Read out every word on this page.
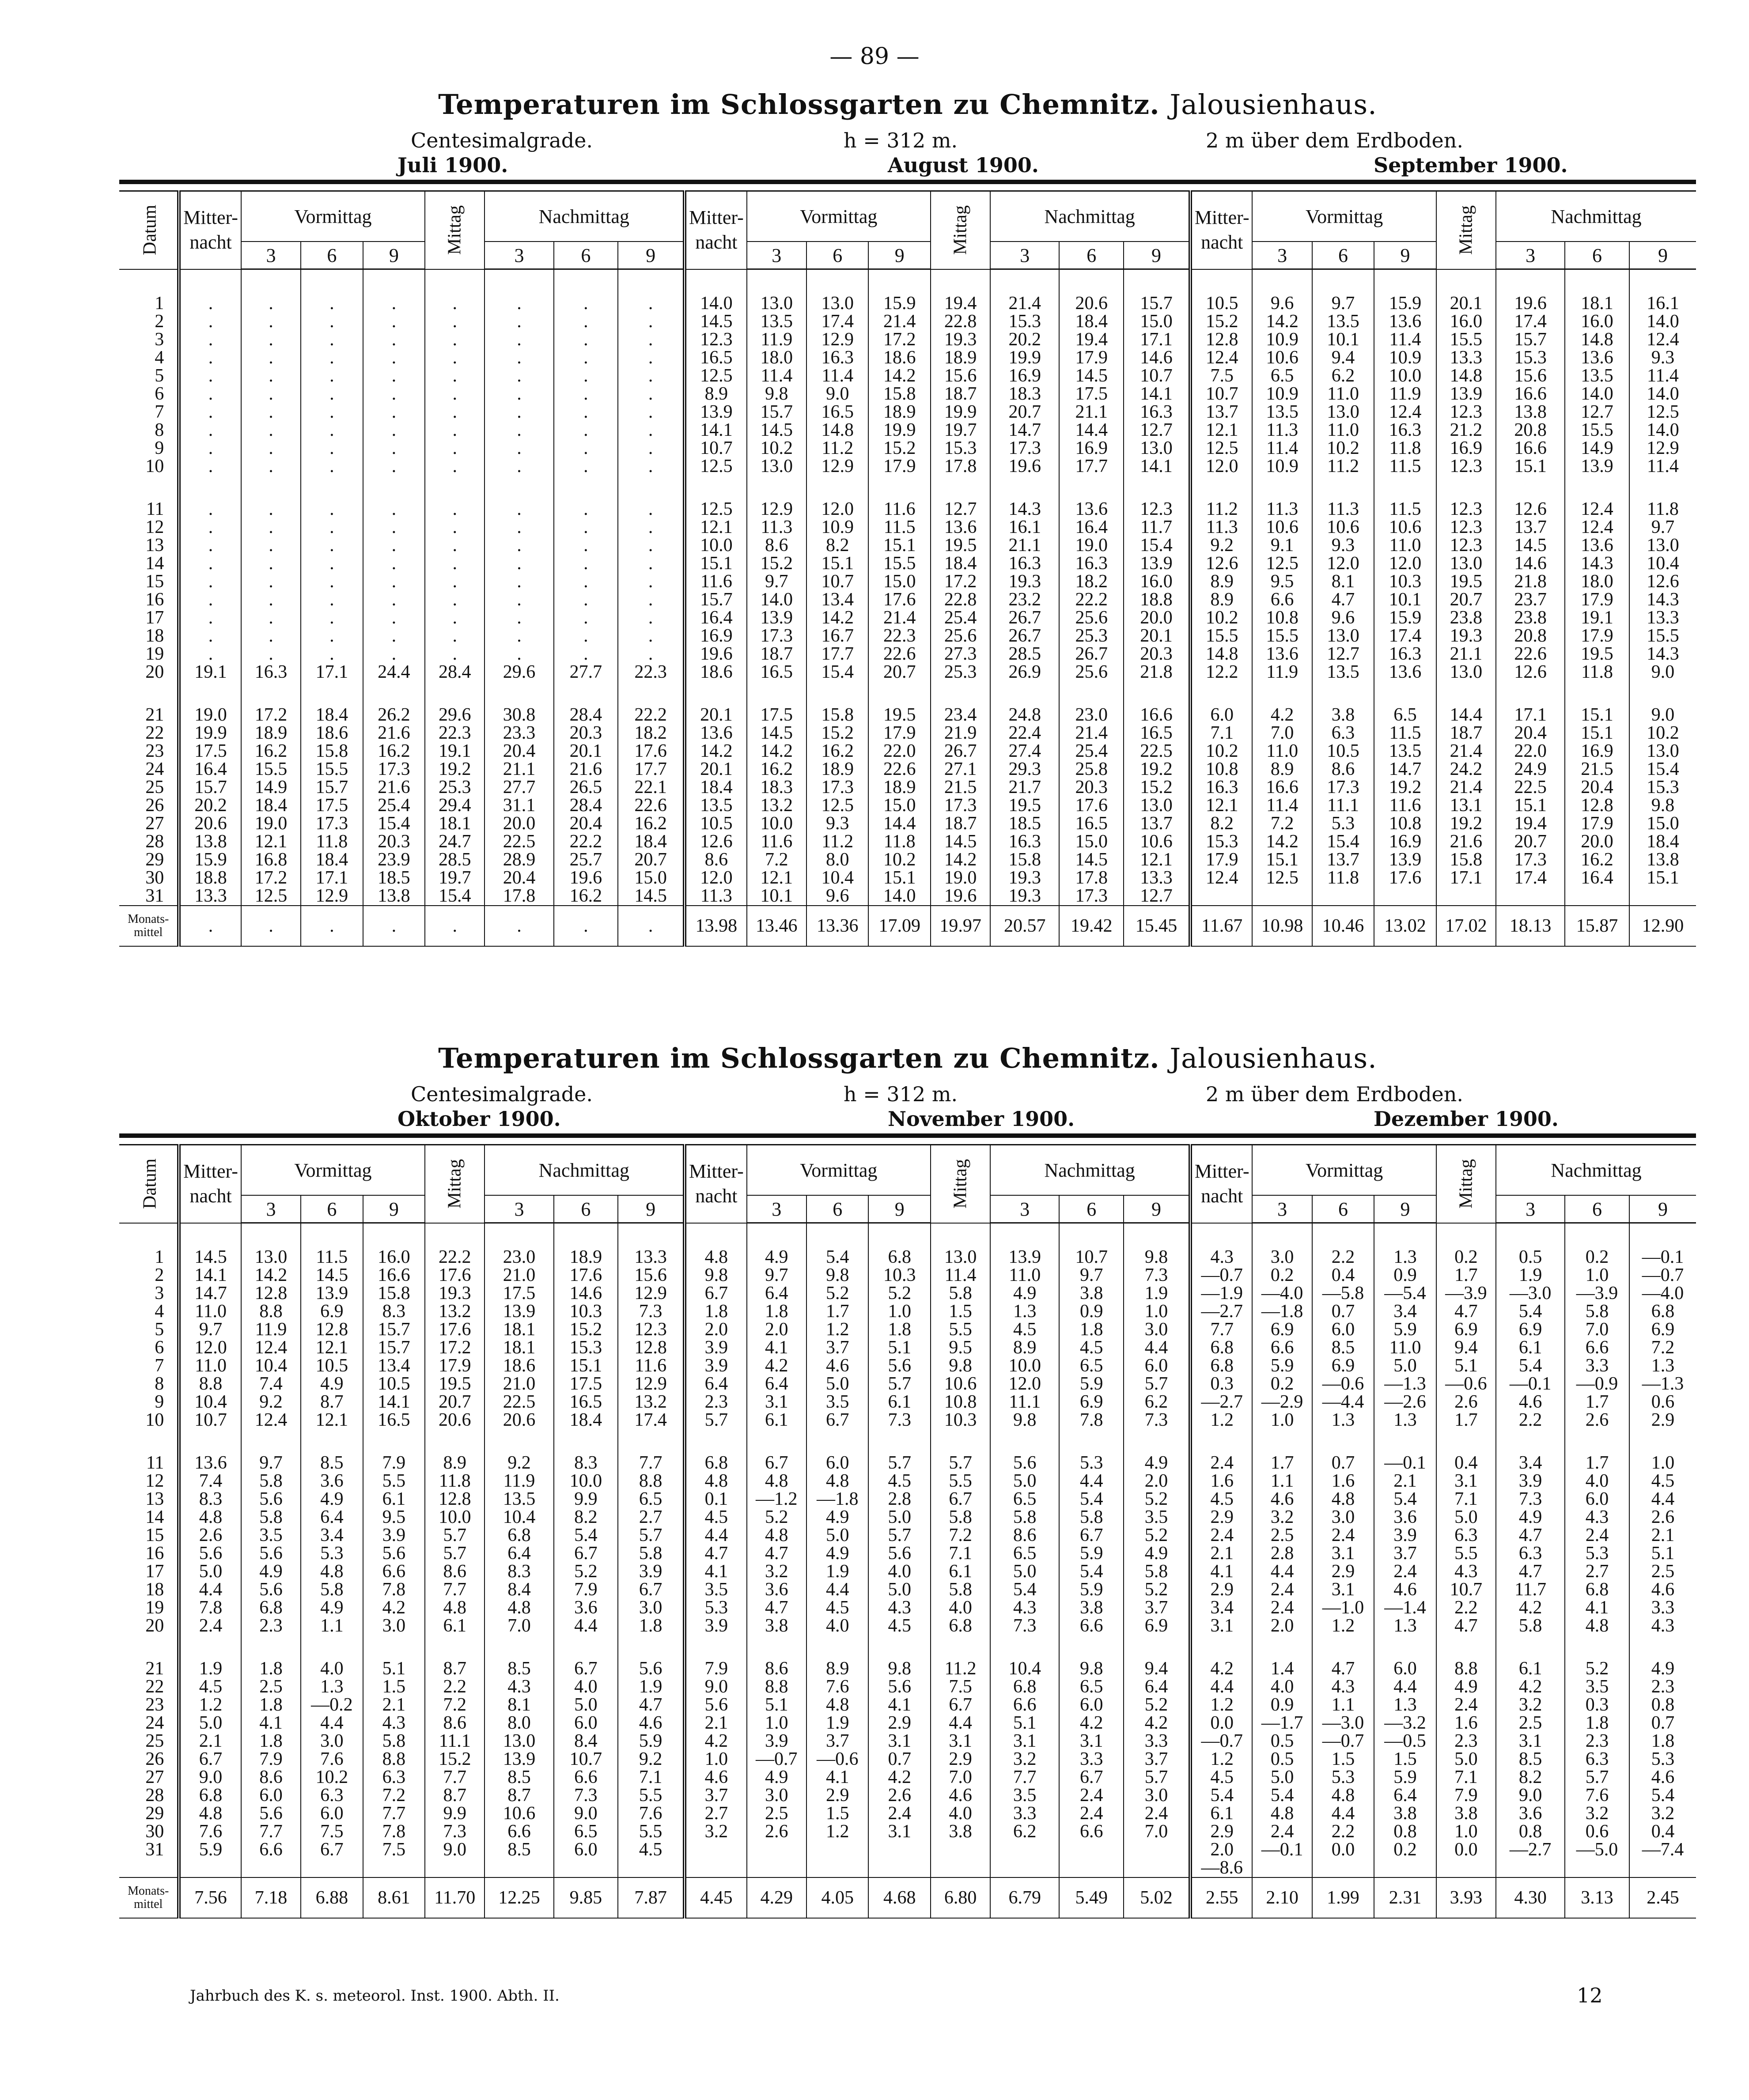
— 89 —
Temperaturen im Schlossgarten zu Chemnitz. Jalousienhaus.
Centesimalgrade.	h = 312 m.	2 m über dem Erdboden.
Juli 1900.	August 1900.	September 1900.
Datum	Mitter-nacht	Vormittag			Mittag	Nachmittag			Mitter-nacht	Vormittag			Mittag	Nachmittag			Mitter-nacht	Vormittag			Mittag	Nachmittag		
		3	6	9		3	6	9		3	6	9		3	6	9		3	6	9		3	6	9

1	.	.	.	.	.	.	.	.	14.0	13.0	13.0	15.9	19.4	21.4	20.6	15.7	10.5	9.6	9.7	15.9	20.1	19.6	18.1	16.1
2	.	.	.	.	.	.	.	.	14.5	13.5	17.4	21.4	22.8	15.3	18.4	15.0	15.2	14.2	13.5	13.6	16.0	17.4	16.0	14.0
3	.	.	.	.	.	.	.	.	12.3	11.9	12.9	17.2	19.3	20.2	19.4	17.1	12.8	10.9	10.1	11.4	15.5	15.7	14.8	12.4
4	.	.	.	.	.	.	.	.	16.5	18.0	16.3	18.6	18.9	19.9	17.9	14.6	12.4	10.6	9.4	10.9	13.3	15.3	13.6	9.3
5	.	.	.	.	.	.	.	.	12.5	11.4	11.4	14.2	15.6	16.9	14.5	10.7	7.5	6.5	6.2	10.0	14.8	15.6	13.5	11.4
6	.	.	.	.	.	.	.	.	8.9	9.8	9.0	15.8	18.7	18.3	17.5	14.1	10.7	10.9	11.0	11.9	13.9	16.6	14.0	14.0
7	.	.	.	.	.	.	.	.	13.9	15.7	16.5	18.9	19.9	20.7	21.1	16.3	13.7	13.5	13.0	12.4	12.3	13.8	12.7	12.5
8	.	.	.	.	.	.	.	.	14.1	14.5	14.8	19.9	19.7	14.7	14.4	12.7	12.1	11.3	11.0	16.3	21.2	20.8	15.5	14.0
9	.	.	.	.	.	.	.	.	10.7	10.2	11.2	15.2	15.3	17.3	16.9	13.0	12.5	11.4	10.2	11.8	16.9	16.6	14.9	12.9
10	.	.	.	.	.	.	.	.	12.5	13.0	12.9	17.9	17.8	19.6	17.7	14.1	12.0	10.9	11.2	11.5	12.3	15.1	13.9	11.4

11	.	.	.	.	.	.	.	.	12.5	12.9	12.0	11.6	12.7	14.3	13.6	12.3	11.2	11.3	11.3	11.5	12.3	12.6	12.4	11.8
12	.	.	.	.	.	.	.	.	12.1	11.3	10.9	11.5	13.6	16.1	16.4	11.7	11.3	10.6	10.6	10.6	12.3	13.7	12.4	9.7
13	.	.	.	.	.	.	.	.	10.0	8.6	8.2	15.1	19.5	21.1	19.0	15.4	9.2	9.1	9.3	11.0	12.3	14.5	13.6	13.0
14	.	.	.	.	.	.	.	.	15.1	15.2	15.1	15.5	18.4	16.3	16.3	13.9	12.6	12.5	12.0	12.0	13.0	14.6	14.3	10.4
15	.	.	.	.	.	.	.	.	11.6	9.7	10.7	15.0	17.2	19.3	18.2	16.0	8.9	9.5	8.1	10.3	19.5	21.8	18.0	12.6
16	.	.	.	.	.	.	.	.	15.7	14.0	13.4	17.6	22.8	23.2	22.2	18.8	8.9	6.6	4.7	10.1	20.7	23.7	17.9	14.3
17	.	.	.	.	.	.	.	.	16.4	13.9	14.2	21.4	25.4	26.7	25.6	20.0	10.2	10.8	9.6	15.9	23.8	23.8	19.1	13.3
18	.	.	.	.	.	.	.	.	16.9	17.3	16.7	22.3	25.6	26.7	25.3	20.1	15.5	15.5	13.0	17.4	19.3	20.8	17.9	15.5
19	.	.	.	.	.	.	.	.	19.6	18.7	17.7	22.6	27.3	28.5	26.7	20.3	14.8	13.6	12.7	16.3	21.1	22.6	19.5	14.3
20	19.1	16.3	17.1	24.4	28.4	29.6	27.7	22.3	18.6	16.5	15.4	20.7	25.3	26.9	25.6	21.8	12.2	11.9	13.5	13.6	13.0	12.6	11.8	9.0

21	19.0	17.2	18.4	26.2	29.6	30.8	28.4	22.2	20.1	17.5	15.8	19.5	23.4	24.8	23.0	16.6	6.0	4.2	3.8	6.5	14.4	17.1	15.1	9.0
22	19.9	18.9	18.6	21.6	22.3	23.3	20.3	18.2	13.6	14.5	15.2	17.9	21.9	22.4	21.4	16.5	7.1	7.0	6.3	11.5	18.7	20.4	15.1	10.2
23	17.5	16.2	15.8	16.2	19.1	20.4	20.1	17.6	14.2	14.2	16.2	22.0	26.7	27.4	25.4	22.5	10.2	11.0	10.5	13.5	21.4	22.0	16.9	13.0
24	16.4	15.5	15.5	17.3	19.2	21.1	21.6	17.7	20.1	16.2	18.9	22.6	27.1	29.3	25.8	19.2	10.8	8.9	8.6	14.7	24.2	24.9	21.5	15.4
25	15.7	14.9	15.7	21.6	25.3	27.7	26.5	22.1	18.4	18.3	17.3	18.9	21.5	21.7	20.3	15.2	16.3	16.6	17.3	19.2	21.4	22.5	20.4	15.3
26	20.2	18.4	17.5	25.4	29.4	31.1	28.4	22.6	13.5	13.2	12.5	15.0	17.3	19.5	17.6	13.0	12.1	11.4	11.1	11.6	13.1	15.1	12.8	9.8
27	20.6	19.0	17.3	15.4	18.1	20.0	20.4	16.2	10.5	10.0	9.3	14.4	18.7	18.5	16.5	13.7	8.2	7.2	5.3	10.8	19.2	19.4	17.9	15.0
28	13.8	12.1	11.8	20.3	24.7	22.5	22.2	18.4	12.6	11.6	11.2	11.8	14.5	16.3	15.0	10.6	15.3	14.2	15.4	16.9	21.6	20.7	20.0	18.4
29	15.9	16.8	18.4	23.9	28.5	28.9	25.7	20.7	8.6	7.2	8.0	10.2	14.2	15.8	14.5	12.1	17.9	15.1	13.7	13.9	15.8	17.3	16.2	13.8
30	18.8	17.2	17.1	18.5	19.7	20.4	19.6	15.0	12.0	12.1	10.4	15.1	19.0	19.3	17.8	13.3	12.4	12.5	11.8	17.6	17.1	17.4	16.4	15.1
31	13.3	12.5	12.9	13.8	15.4	17.8	16.2	14.5	11.3	10.1	9.6	14.0	19.6	19.3	17.3	12.7								
Monats-mittel	.	.	.	.	.	.	.	.	13.98	13.46	13.36	17.09	19.97	20.57	19.42	15.45	11.67	10.98	10.46	13.02	17.02	18.13	15.87	12.90
Temperaturen im Schlossgarten zu Chemnitz. Jalousienhaus.
Centesimalgrade.	h = 312 m.	2 m über dem Erdboden.
Oktober 1900.	November 1900.	Dezember 1900.
Datum	Mitter-nacht	Vormittag			Mittag	Nachmittag			Mitter-nacht	Vormittag			Mittag	Nachmittag			Mitter-nacht	Vormittag			Mittag	Nachmittag		
		3	6	9		3	6	9		3	6	9		3	6	9		3	6	9		3	6	9

1	14.5	13.0	11.5	16.0	22.2	23.0	18.9	13.3	4.8	4.9	5.4	6.8	13.0	13.9	10.7	9.8	4.3	3.0	2.2	1.3	0.2	0.5	0.2	—0.1
2	14.1	14.2	14.5	16.6	17.6	21.0	17.6	15.6	9.8	9.7	9.8	10.3	11.4	11.0	9.7	7.3	—0.7	0.2	0.4	0.9	1.7	1.9	1.0	—0.7
3	14.7	12.8	13.9	15.8	19.3	17.5	14.6	12.9	6.7	6.4	5.2	5.2	5.8	4.9	3.8	1.9	—1.9	—4.0	—5.8	—5.4	—3.9	—3.0	—3.9	—4.0
4	11.0	8.8	6.9	8.3	13.2	13.9	10.3	7.3	1.8	1.8	1.7	1.0	1.5	1.3	0.9	1.0	—2.7	—1.8	0.7	3.4	4.7	5.4	5.8	6.8
5	9.7	11.9	12.8	15.7	17.6	18.1	15.2	12.3	2.0	2.0	1.2	1.8	5.5	4.5	1.8	3.0	7.7	6.9	6.0	5.9	6.9	6.9	7.0	6.9
6	12.0	12.4	12.1	15.7	17.2	18.1	15.3	12.8	3.9	4.1	3.7	5.1	9.5	8.9	4.5	4.4	6.8	6.6	8.5	11.0	9.4	6.1	6.6	7.2
7	11.0	10.4	10.5	13.4	17.9	18.6	15.1	11.6	3.9	4.2	4.6	5.6	9.8	10.0	6.5	6.0	6.8	5.9	6.9	5.0	5.1	5.4	3.3	1.3
8	8.8	7.4	4.9	10.5	19.5	21.0	17.5	12.9	6.4	6.4	5.0	5.7	10.6	12.0	5.9	5.7	0.3	0.2	—0.6	—1.3	—0.6	—0.1	—0.9	—1.3
9	10.4	9.2	8.7	14.1	20.7	22.5	16.5	13.2	2.3	3.1	3.5	6.1	10.8	11.1	6.9	6.2	—2.7	—2.9	—4.4	—2.6	2.6	4.6	1.7	0.6
10	10.7	12.4	12.1	16.5	20.6	20.6	18.4	17.4	5.7	6.1	6.7	7.3	10.3	9.8	7.8	7.3	1.2	1.0	1.3	1.3	1.7	2.2	2.6	2.9

11	13.6	9.7	8.5	7.9	8.9	9.2	8.3	7.7	6.8	6.7	6.0	5.7	5.7	5.6	5.3	4.9	2.4	1.7	0.7	—0.1	0.4	3.4	1.7	1.0
12	7.4	5.8	3.6	5.5	11.8	11.9	10.0	8.8	4.8	4.8	4.8	4.5	5.5	5.0	4.4	2.0	1.6	1.1	1.6	2.1	3.1	3.9	4.0	4.5
13	8.3	5.6	4.9	6.1	12.8	13.5	9.9	6.5	0.1	—1.2	—1.8	2.8	6.7	6.5	5.4	5.2	4.5	4.6	4.8	5.4	7.1	7.3	6.0	4.4
14	4.8	5.8	6.4	9.5	10.0	10.4	8.2	2.7	4.5	5.2	4.9	5.0	5.8	5.8	5.8	3.5	2.9	3.2	3.0	3.6	5.0	4.9	4.3	2.6
15	2.6	3.5	3.4	3.9	5.7	6.8	5.4	5.7	4.4	4.8	5.0	5.7	7.2	8.6	6.7	5.2	2.4	2.5	2.4	3.9	6.3	4.7	2.4	2.1
16	5.6	5.6	5.3	5.6	5.7	6.4	6.7	5.8	4.7	4.7	4.9	5.6	7.1	6.5	5.9	4.9	2.1	2.8	3.1	3.7	5.5	6.3	5.3	5.1
17	5.0	4.9	4.8	6.6	8.6	8.3	5.2	3.9	4.1	3.2	1.9	4.0	6.1	5.0	5.4	5.8	4.1	4.4	2.9	2.4	4.3	4.7	2.7	2.5
18	4.4	5.6	5.8	7.8	7.7	8.4	7.9	6.7	3.5	3.6	4.4	5.0	5.8	5.4	5.9	5.2	2.9	2.4	3.1	4.6	10.7	11.7	6.8	4.6
19	7.8	6.8	4.9	4.2	4.8	4.8	3.6	3.0	5.3	4.7	4.5	4.3	4.0	4.3	3.8	3.7	3.4	2.4	—1.0	—1.4	2.2	4.2	4.1	3.3
20	2.4	2.3	1.1	3.0	6.1	7.0	4.4	1.8	3.9	3.8	4.0	4.5	6.8	7.3	6.6	6.9	3.1	2.0	1.2	1.3	4.7	5.8	4.8	4.3

21	1.9	1.8	4.0	5.1	8.7	8.5	6.7	5.6	7.9	8.6	8.9	9.8	11.2	10.4	9.8	9.4	4.2	1.4	4.7	6.0	8.8	6.1	5.2	4.9
22	4.5	2.5	1.3	1.5	2.2	4.3	4.0	1.9	9.0	8.8	7.6	5.6	7.5	6.8	6.5	6.4	4.4	4.0	4.3	4.4	4.9	4.2	3.5	2.3
23	1.2	1.8	—0.2	2.1	7.2	8.1	5.0	4.7	5.6	5.1	4.8	4.1	6.7	6.6	6.0	5.2	1.2	0.9	1.1	1.3	2.4	3.2	0.3	0.8
24	5.0	4.1	4.4	4.3	8.6	8.0	6.0	4.6	2.1	1.0	1.9	2.9	4.4	5.1	4.2	4.2	0.0	—1.7	—3.0	—3.2	1.6	2.5	1.8	0.7
25	2.1	1.8	3.0	5.8	11.1	13.0	8.4	5.9	4.2	3.9	3.7	3.1	3.1	3.1	3.1	3.3	—0.7	0.5	—0.7	—0.5	2.3	3.1	2.3	1.8
26	6.7	7.9	7.6	8.8	15.2	13.9	10.7	9.2	1.0	—0.7	—0.6	0.7	2.9	3.2	3.3	3.7	1.2	0.5	1.5	1.5	5.0	8.5	6.3	5.3
27	9.0	8.6	10.2	6.3	7.7	8.5	6.6	7.1	4.6	4.9	4.1	4.2	7.0	7.7	6.7	5.7	4.5	5.0	5.3	5.9	7.1	8.2	5.7	4.6
28	6.8	6.0	6.3	7.2	8.7	8.7	7.3	5.5	3.7	3.0	2.9	2.6	4.6	3.5	2.4	3.0	5.4	5.4	4.8	6.4	7.9	9.0	7.6	5.4
29	4.8	5.6	6.0	7.7	9.9	10.6	9.0	7.6	2.7	2.5	1.5	2.4	4.0	3.3	2.4	2.4	6.1	4.8	4.4	3.8	3.8	3.6	3.2	3.2
30	7.6	7.7	7.5	7.8	7.3	6.6	6.5	5.5	3.2	2.6	1.2	3.1	3.8	6.2	6.6	7.0	2.9	2.4	2.2	0.8	1.0	0.8	0.6	0.4
31	5.9	6.6	6.7	7.5	9.0	8.5	6.0	4.5									2.0	—0.1	0.0	0.2	0.0	—2.7	—5.0	—7.4
																	—8.6							
Monats-mittel	7.56	7.18	6.88	8.61	11.70	12.25	9.85	7.87	4.45	4.29	4.05	4.68	6.80	6.79	5.49	5.02	2.55	2.10	1.99	2.31	3.93	4.30	3.13	2.45
Jahrbuch des K. s. meteorol. Inst. 1900. Abth. II.	12
